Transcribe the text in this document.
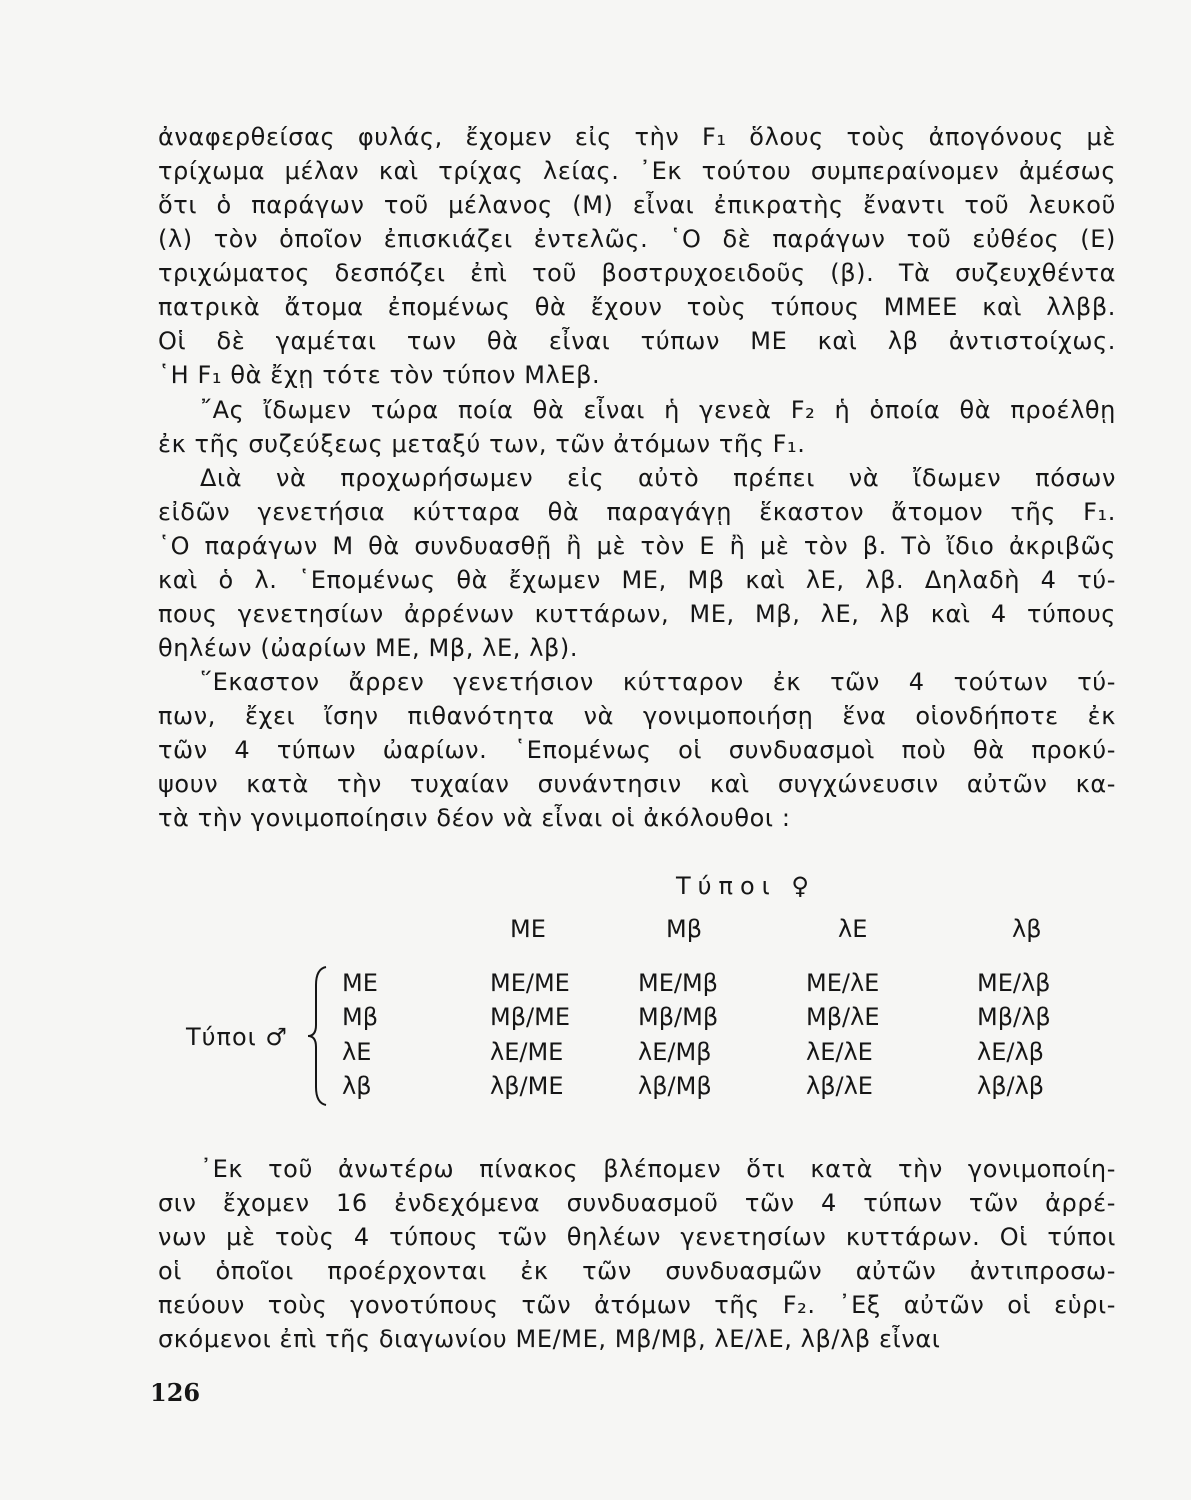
ἀναφερθείσας φυλάς, ἔχομεν εἰς τὴν F₁ ὅλους τοὺς ἀπογόνους μὲ
τρίχωμα μέλαν καὶ τρίχας λείας. ᾿Εκ τούτου συμπεραίνομεν ἀμέσως
ὅτι ὁ παράγων τοῦ μέλανος (Μ) εἶναι ἐπικρατὴς ἔναντι τοῦ λευκοῦ
(λ) τὸν ὁποῖον ἐπισκιάζει ἐντελῶς. ῾Ο δὲ παράγων τοῦ εὐθέος (Ε)
τριχώματος δεσπόζει ἐπὶ τοῦ βοστρυχοειδοῦς (β). Τὰ συζευχθέντα
πατρικὰ ἄτομα ἐπομένως θὰ ἔχουν τοὺς τύπους ΜΜΕΕ καὶ λλββ.
Οἱ δὲ γαμέται των θὰ εἶναι τύπων ΜΕ καὶ λβ ἀντιστοίχως.
῾Η F₁ θὰ ἔχῃ τότε τὸν τύπον ΜλΕβ.
῎Ας ἴδωμεν τώρα ποία θὰ εἶναι ἡ γενεὰ F₂ ἡ ὁποία θὰ προέλθῃ
ἐκ τῆς συζεύξεως μεταξύ των, τῶν ἀτόμων τῆς F₁.
Διὰ νὰ προχωρήσωμεν εἰς αὐτὸ πρέπει νὰ ἴδωμεν πόσων
εἰδῶν γενετήσια κύτταρα θὰ παραγάγῃ ἕκαστον ἄτομον τῆς F₁.
῾Ο παράγων Μ θὰ συνδυασθῇ ἢ μὲ τὸν Ε ἢ μὲ τὸν β. Τὸ ἴδιο ἀκριβῶς
καὶ ὁ λ. ῾Επομένως θὰ ἔχωμεν ΜΕ, Μβ καὶ λΕ, λβ. Δηλαδὴ 4 τύ-
πους γενετησίων ἀρρένων κυττάρων, ΜΕ, Μβ, λΕ, λβ καὶ 4 τύπους
θηλέων (ὠαρίων ΜΕ, Μβ, λΕ, λβ).
῞Εκαστον ἄρρεν γενετήσιον κύτταρον ἐκ τῶν 4 τούτων τύ-
πων, ἔχει ἴσην πιθανότητα νὰ γονιμοποιήσῃ ἕνα οἱονδήποτε ἐκ
τῶν 4 τύπων ὠαρίων. ῾Επομένως οἱ συνδυασμοὶ ποὺ θὰ προκύ-
ψουν κατὰ τὴν τυχαίαν συνάντησιν καὶ συγχώνευσιν αὐτῶν κα-
τὰ τὴν γονιμοποίησιν δέον νὰ εἶναι οἱ ἀκόλουθοι :
᾿Εκ τοῦ ἀνωτέρω πίνακος βλέπομεν ὅτι κατὰ τὴν γονιμοποίη-
σιν ἔχομεν 16 ἐνδεχόμενα συνδυασμοῦ τῶν 4 τύπων τῶν ἀρρέ-
νων μὲ τοὺς 4 τύπους τῶν θηλέων γενετησίων κυττάρων. Οἱ τύποι
οἱ ὁποῖοι προέρχονται ἐκ τῶν συνδυασμῶν αὐτῶν ἀντιπροσω-
πεύουν τοὺς γονοτύπους τῶν ἀτόμων τῆς F₂. ᾿Εξ αὐτῶν οἱ εὑρι-
σκόμενοι ἐπὶ τῆς διαγωνίου ΜΕ/ΜΕ, Μβ/Μβ, λΕ/λΕ, λβ/λβ εἶναι
Τύποι ♀
ΜΕ	Μβ	λΕ	λβ
Τύποι ♂
ΜΕ	ΜΕ/ΜΕ	ΜΕ/Μβ	ΜΕ/λΕ	ΜΕ/λβ
Μβ	Μβ/ΜΕ	Μβ/Μβ	Μβ/λΕ	Μβ/λβ
λΕ	λΕ/ΜΕ	λΕ/Μβ	λΕ/λΕ	λΕ/λβ
λβ	λβ/ΜΕ	λβ/Μβ	λβ/λΕ	λβ/λβ
126
